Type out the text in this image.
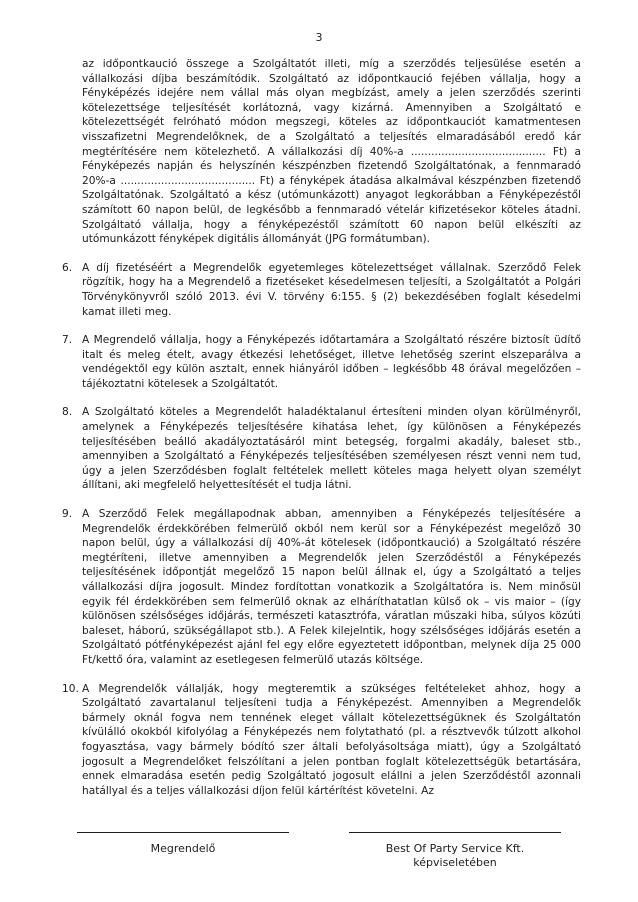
3

az időpontkaució összege a Szolgáltatót illeti, míg a szerződés teljesülése esetén a vállalkozási díjba beszámítódik. Szolgáltató az időpontkaució fejében vállalja, hogy a Fényképézés idejére nem vállal más olyan megbízást, amely a jelen szerződés szerinti kötelezettsége teljesítését korlátozná, vagy kizárná. Amennyiben a Szolgáltató e kötelezettségét felróható módon megszegi, köteles az időpontkauciót kamatmentesen visszafizetni Megrendelőknek, de a Szolgáltató a teljesítés elmaradásából eredő kár megtérítésére nem kötelezhető. A vállalkozási díj 40%-a ........................................ Ft) a Fényképezés napján és helyszínén készpénzben fizetendő Szolgáltatónak, a fennmaradó 20%-a ........................................ Ft) a fényképek átadása alkalmával készpénzben fizetendő Szolgáltatónak. Szolgáltató a kész (utómunkázott) anyagot legkorábban a Fényképezéstől számított 60 napon belül, de legkésőbb a fennmaradó vételár kifizetésekor köteles átadni. Szolgáltató vállalja, hogy a fényképezéstől számított 60 napon belül elkészíti az utómunkázott fényképek digitális állományát (JPG formátumban).

6. A díj fizetéséért a Megrendelők egyetemleges kötelezettséget vállalnak. Szerződő Felek rögzítik, hogy ha a Megrendelő a fizetéseket késedelmesen teljesíti, a Szolgáltatót a Polgári Törvénykönyvről szóló 2013. évi V. törvény 6:155. § (2) bekezdésében foglalt késedelmi kamat illeti meg.
7. A Megrendelő vállalja, hogy a Fényképezés időtartamára a Szolgáltató részére biztosít üdítő italt és meleg ételt, avagy étkezési lehetőséget, illetve lehetőség szerint elszeparálva a vendégektől egy külön asztalt, ennek hiányáról időben – legkésőbb 48 órával megelőzően – tájékoztatni kötelesek a Szolgáltatót.
8. A Szolgáltató köteles a Megrendelőt haladéktalanul értesíteni minden olyan körülményről, amelynek a Fényképezés teljesítésére kihatása lehet, így különösen a Fényképezés teljesítésében beálló akadályoztatásáról mint betegség, forgalmi akadály, baleset stb., amennyiben a Szolgáltató a Fényképezés teljesítésében személyesen részt venni nem tud, úgy a jelen Szerződésben foglalt feltételek mellett köteles maga helyett olyan személyt állítani, aki megfelelő helyettesítését el tudja látni.
9. A Szerződő Felek megállapodnak abban, amennyiben a Fényképezés teljesítésére a Megrendelők érdekkörében felmerülő okból nem kerül sor a Fényképezést megelőző 30 napon belül, úgy a vállalkozási díj 40%-át kötelesek (időpontkaució) a Szolgáltató részére megtéríteni, illetve amennyiben a Megrendelők jelen Szerződéstől a Fényképezés teljesítésének időpontját megelőző 15 napon belül állnak el, úgy a Szolgáltató a teljes vállalkozási díjra jogosult. Mindez fordítottan vonatkozik a Szolgáltatóra is. Nem minősül egyik fél érdekkörében sem felmerülő oknak az elháríthatatlan külső ok – vis maior – (így különösen szélsőséges időjárás, természeti katasztrófa, váratlan műszaki hiba, súlyos közúti baleset, háború, szükségállapot stb.). A Felek kilejelntik, hogy szélsőséges időjárás esetén a Szolgáltató pótfényképezést ajánl fel egy előre egyeztetett időpontban, melynek díja 25 000 Ft/kettő óra, valamint az esetlegesen felmerülő utazás költsége.
10. A Megrendelők vállalják, hogy megteremtik a szükséges feltételeket ahhoz, hogy a Szolgáltató zavartalanul teljesíteni tudja a Fényképezést. Amennyiben a Megrendelők bármely oknál fogva nem tennének eleget vállalt kötelezettségüknek és Szolgáltatón kívülálló okokból kifolyólag a Fényképezés nem folytatható (pl. a résztvevők túlzott alkohol fogyasztása, vagy bármely bódító szer általi befolyásoltsága miatt), úgy a Szolgáltató jogosult a Megrendelőket felszólítani a jelen pontban foglalt kötelezettségük betartására, ennek elmaradása esetén pedig Szolgáltató jogosult elállni a jelen Szerződéstől azonnali hatállyal és a teljes vállalkozási díjon felül kártérítést követelni. Az
Megrendelő	Best Of Party Service Kft.
képviseletében
